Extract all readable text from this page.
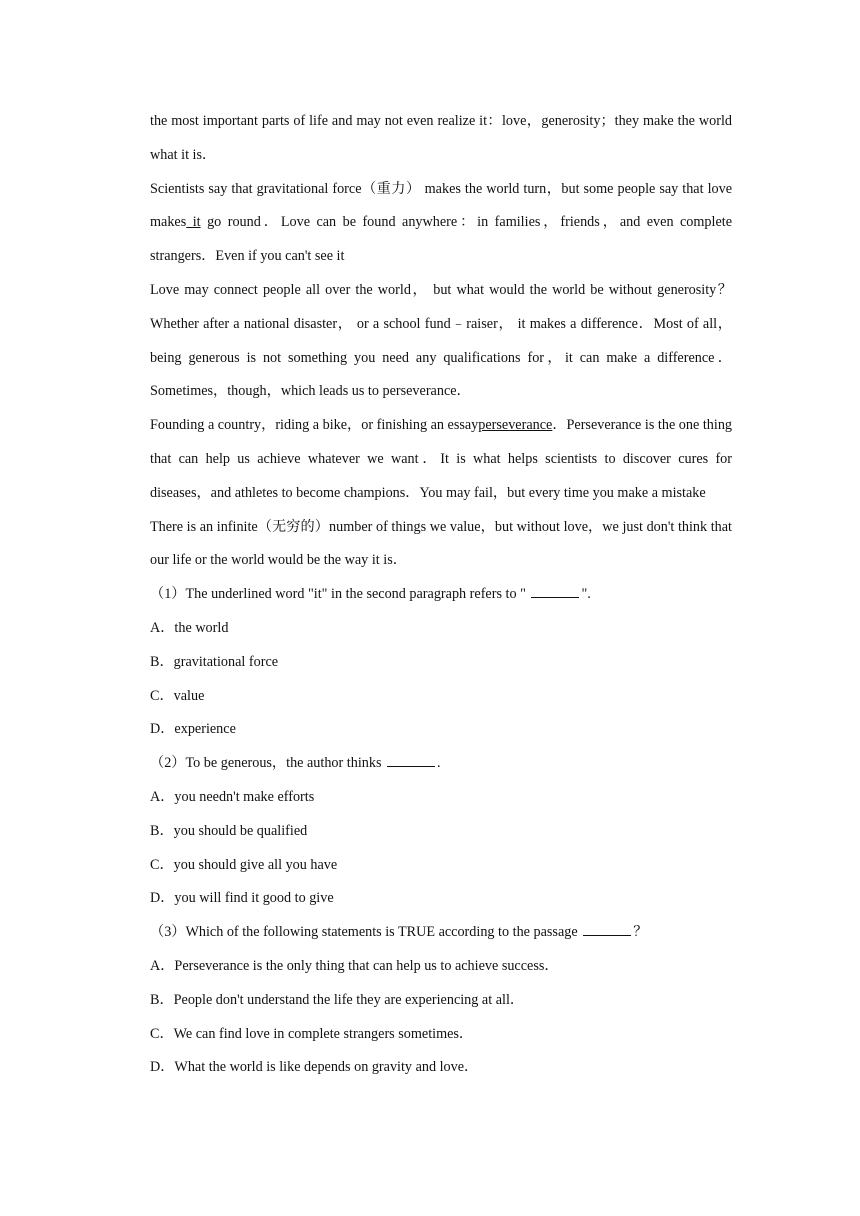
the most important parts of life and may not even realize it：love，generosity；they make the world what it is．

Scientists say that gravitational force（重力） makes the world turn，but some people say that love makes it go round．Love can be found anywhere：in families，friends，and even complete strangers．Even if you can't see it

Love may connect people all over the world， but what would the world be without generosity？ Whether after a national disaster， or a school fund﹣raiser， it makes a difference．Most of all，being generous is not something you need any qualifications for，it can make a difference．Sometimes，though，which leads us to perseverance．

Founding a country，riding a bike，or finishing an essayperseverance．Perseverance is the one thing that can help us achieve whatever we want．It is what helps scientists to discover cures for diseases，and athletes to become champions．You may fail，but every time you make a mistake

There is an infinite（无穷的）number of things we value，but without love，we just don't think that our life or the world would be the way it is．

（1）The underlined word "it" in the second paragraph refers to "	".

A．the world

B．gravitational force

C．value

D．experience

（2）To be generous，the author thinks	.

A．you needn't make efforts

B．you should be qualified

C．you should give all you have

D．you will find it good to give

（3）Which of the following statements is TRUE according to the passage	？

A．Perseverance is the only thing that can help us to achieve success．

B．People don't understand the life they are experiencing at all．

C．We can find love in complete strangers sometimes．

D．What the world is like depends on gravity and love．
